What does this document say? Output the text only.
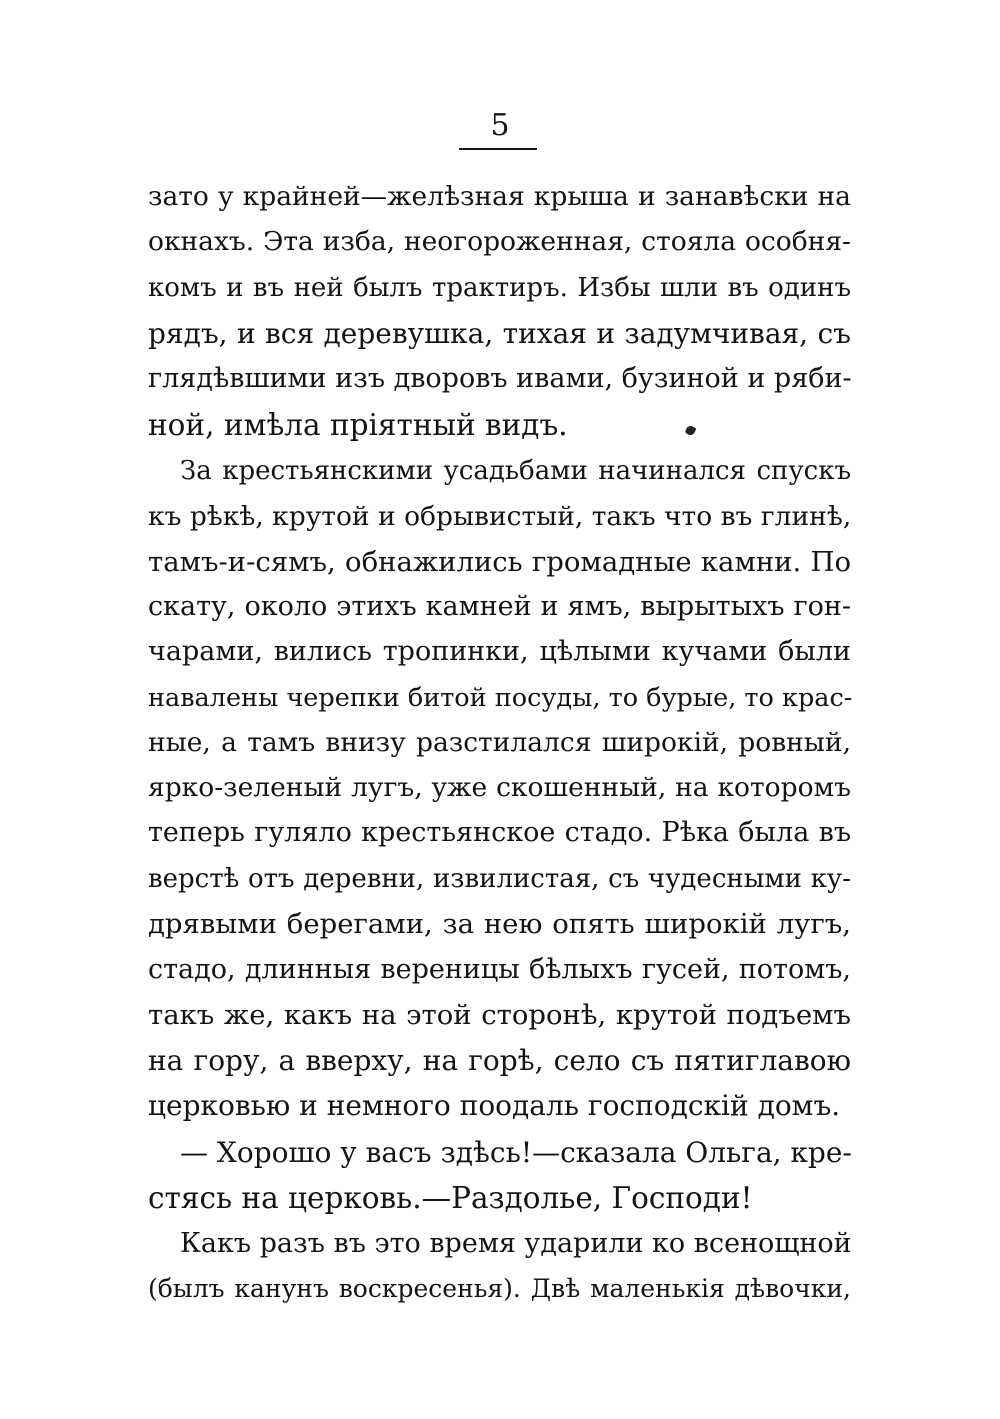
5
зато у крайней—желѣзная крыша и занавѣски на
окнахъ. Эта изба, неогороженная, стояла особня-
комъ и въ ней былъ трактиръ. Избы шли въ одинъ
рядъ, и вся деревушка, тихая и задумчивая, съ
глядѣвшими изъ дворовъ ивами, бузиной и ряби-
ной, имѣла пріятный видъ.
За крестьянскими усадьбами начинался спускъ
къ рѣкѣ, крутой и обрывистый, такъ что въ глинѣ,
тамъ-и-сямъ, обнажились громадные камни. По
скату, около этихъ камней и ямъ, вырытыхъ гон-
чарами, вились тропинки, цѣлыми кучами были
навалены черепки битой посуды, то бурые, то крас-
ные, а тамъ внизу разстилался широкій, ровный,
ярко-зеленый лугъ, уже скошенный, на которомъ
теперь гуляло крестьянское стадо. Рѣка была въ
верстѣ отъ деревни, извилистая, съ чудесными ку-
дрявыми берегами, за нею опять широкій лугъ,
стадо, длинныя вереницы бѣлыхъ гусей, потомъ,
такъ же, какъ на этой сторонѣ, крутой подъемъ
на гору, а вверху, на горѣ, село съ пятиглавою
церковью и немного поодаль господскій домъ.
— Хорошо у васъ здѣсь!—сказала Ольга, кре-
стясь на церковь.—Раздолье, Господи!
Какъ разъ въ это время ударили ко всенощной
(былъ канунъ воскресенья). Двѣ маленькія дѣвочки,
